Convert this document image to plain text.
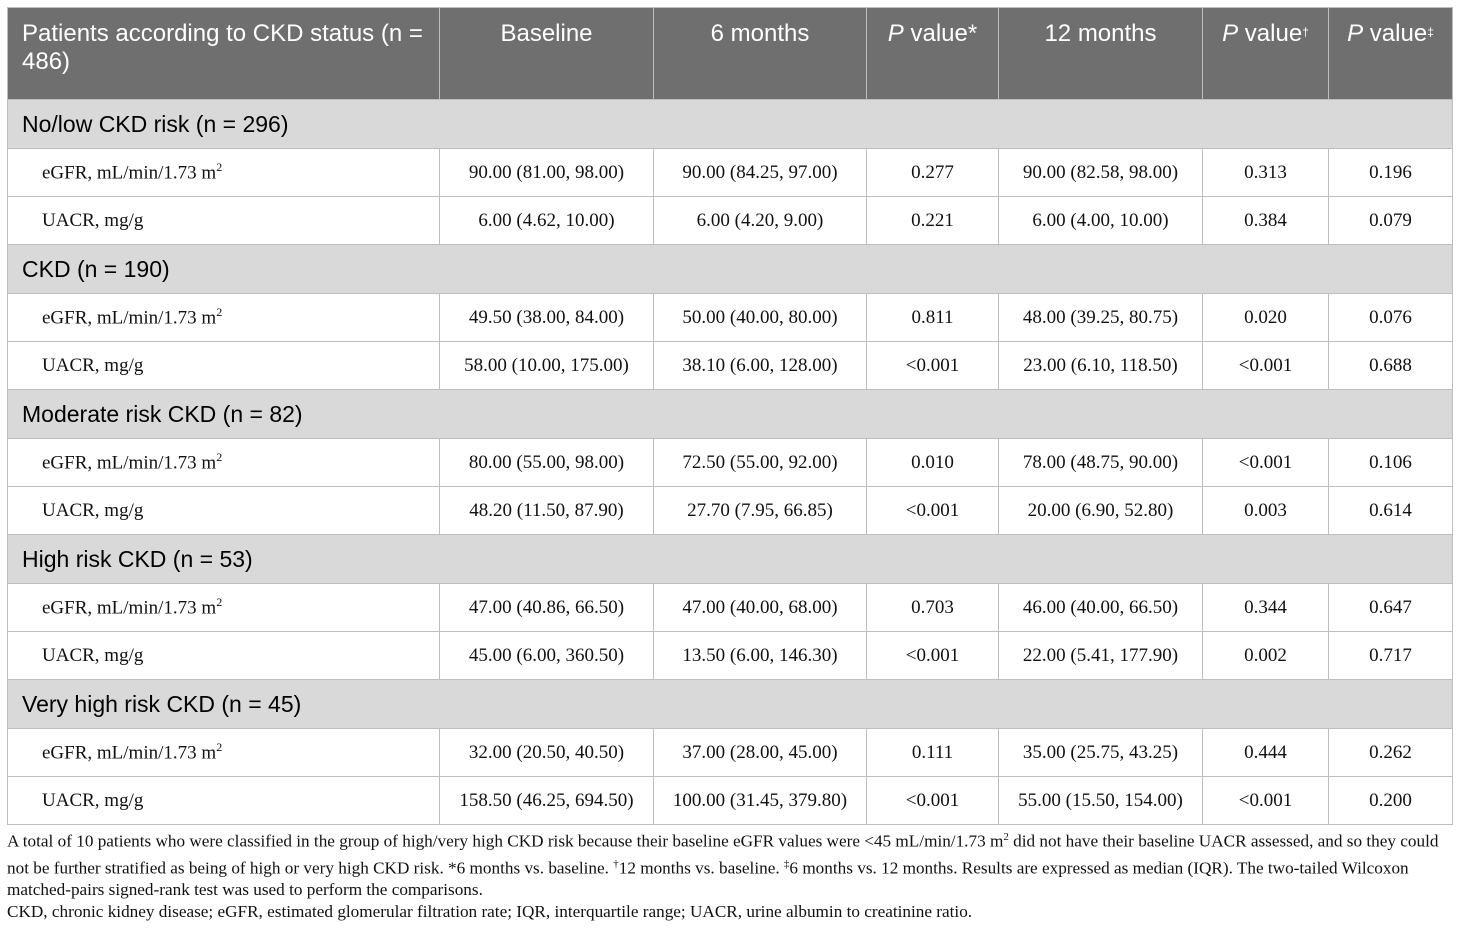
Patients according to CKD status (n = 486)	Baseline	6 months	P value*	12 months	P value†	P value‡
No/low CKD risk (n = 296)						
eGFR, mL/min/1.73 $m^2$	90.00 (81.00, 98.00)	90.00 (84.25, 97.00)	0.277	90.00 (82.58, 98.00)	0.313	0.196
UACR, mg/g	6.00 (4.62, 10.00)	6.00 (4.20, 9.00)	0.221	6.00 (4.00, 10.00)	0.384	0.079
CKD (n = 190)						
eGFR, mL/min/1.73 $m^2$	49.50 (38.00, 84.00)	50.00 (40.00, 80.00)	0.811	48.00 (39.25, 80.75)	0.020	0.076
UACR, mg/g	58.00 (10.00, 175.00)	38.10 (6.00, 128.00)	<0.001	23.00 (6.10, 118.50)	<0.001	0.688
Moderate risk CKD (n = 82)						
eGFR, mL/min/1.73 $m^2$	80.00 (55.00, 98.00)	72.50 (55.00, 92.00)	0.010	78.00 (48.75, 90.00)	<0.001	0.106
UACR, mg/g	48.20 (11.50, 87.90)	27.70 (7.95, 66.85)	<0.001	20.00 (6.90, 52.80)	0.003	0.614
High risk CKD (n = 53)						
eGFR, mL/min/1.73 $m^2$	47.00 (40.86, 66.50)	47.00 (40.00, 68.00)	0.703	46.00 (40.00, 66.50)	0.344	0.647
UACR, mg/g	45.00 (6.00, 360.50)	13.50 (6.00, 146.30)	<0.001	22.00 (5.41, 177.90)	0.002	0.717
Very high risk CKD (n = 45)						
eGFR, mL/min/1.73 $m^2$	32.00 (20.50, 40.50)	37.00 (28.00, 45.00)	0.111	35.00 (25.75, 43.25)	0.444	0.262
UACR, mg/g	158.50 (46.25, 694.50)	100.00 (31.45, 379.80)	<0.001	55.00 (15.50, 154.00)	<0.001	0.200

A total of 10 patients who were classified in the group of high/very high CKD risk because their baseline eGFR values were <45 mL/min/1.73 $m^2$ did not have their baseline UACR assessed, and so they could not be further stratified as being of high or very high CKD risk. *6 months vs. baseline. †12 months vs. baseline. ‡6 months vs. 12 months. Results are expressed as median (IQR). The two-tailed Wilcoxon matched-pairs signed-rank test was used to perform the comparisons.

CKD, chronic kidney disease; eGFR, estimated glomerular filtration rate; IQR, interquartile range; UACR, urine albumin to creatinine ratio.
